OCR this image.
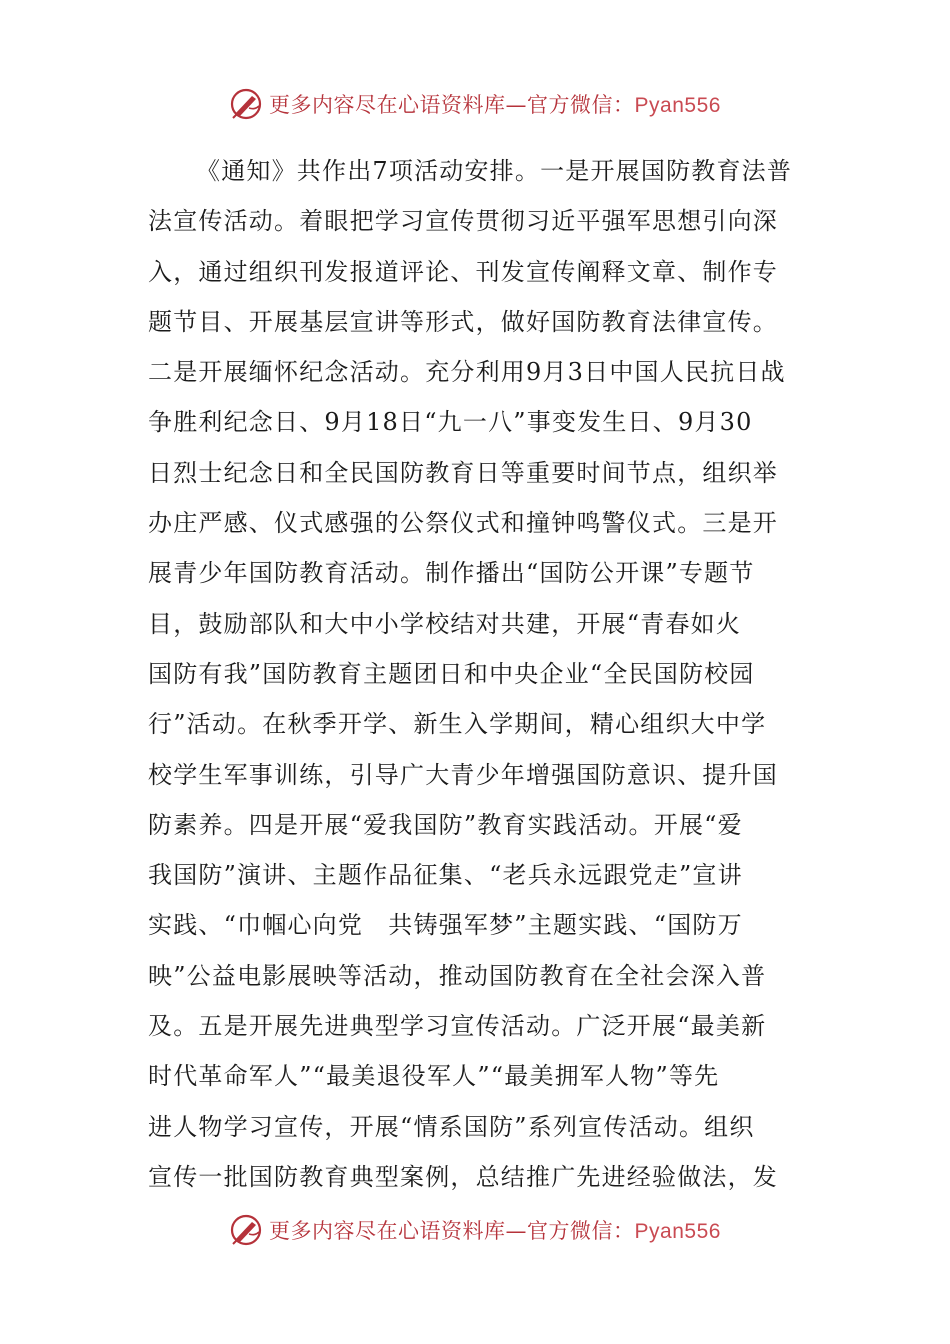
更多内容尽在心语资料库—官方微信：Pyan556
《通知》共作出7项活动安排。一是开展国防教育法普
法宣传活动。着眼把学习宣传贯彻习近平强军思想引向深
入，通过组织刊发报道评论、刊发宣传阐释文章、制作专
题节目、开展基层宣讲等形式，做好国防教育法律宣传。
二是开展缅怀纪念活动。充分利用9月3日中国人民抗日战
争胜利纪念日、9月18日“九一八”事变发生日、9月30
日烈士纪念日和全民国防教育日等重要时间节点，组织举
办庄严感、仪式感强的公祭仪式和撞钟鸣警仪式。三是开
展青少年国防教育活动。制作播出“国防公开课”专题节
目，鼓励部队和大中小学校结对共建，开展“青春如火
国防有我”国防教育主题团日和中央企业“全民国防校园
行”活动。在秋季开学、新生入学期间，精心组织大中学
校学生军事训练，引导广大青少年增强国防意识、提升国
防素养。四是开展“爱我国防”教育实践活动。开展“爱
我国防”演讲、主题作品征集、“老兵永远跟党走”宣讲
实践、“巾帼心向党　共铸强军梦”主题实践、“国防万
映”公益电影展映等活动，推动国防教育在全社会深入普
及。五是开展先进典型学习宣传活动。广泛开展“最美新
时代革命军人”“最美退役军人”“最美拥军人物”等先
进人物学习宣传，开展“情系国防”系列宣传活动。组织
宣传一批国防教育典型案例，总结推广先进经验做法，发
更多内容尽在心语资料库—官方微信：Pyan556
